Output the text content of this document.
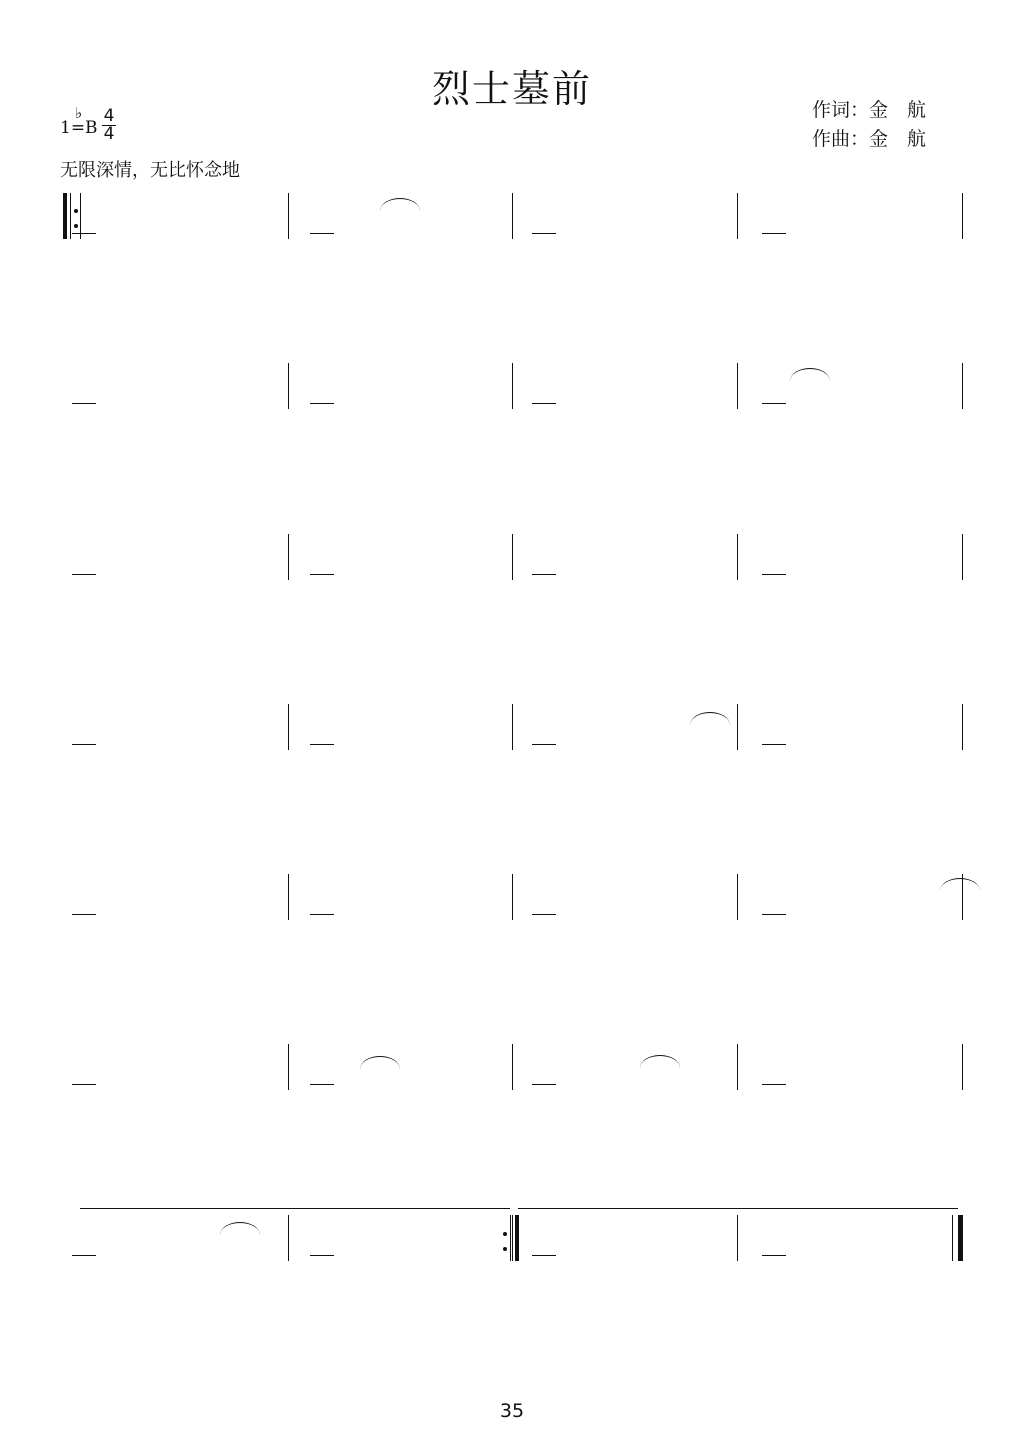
烈士墓前	作词：金　航
作曲：金　航
1=B
♭ 4
4
无限深情，无比怀念地
35
